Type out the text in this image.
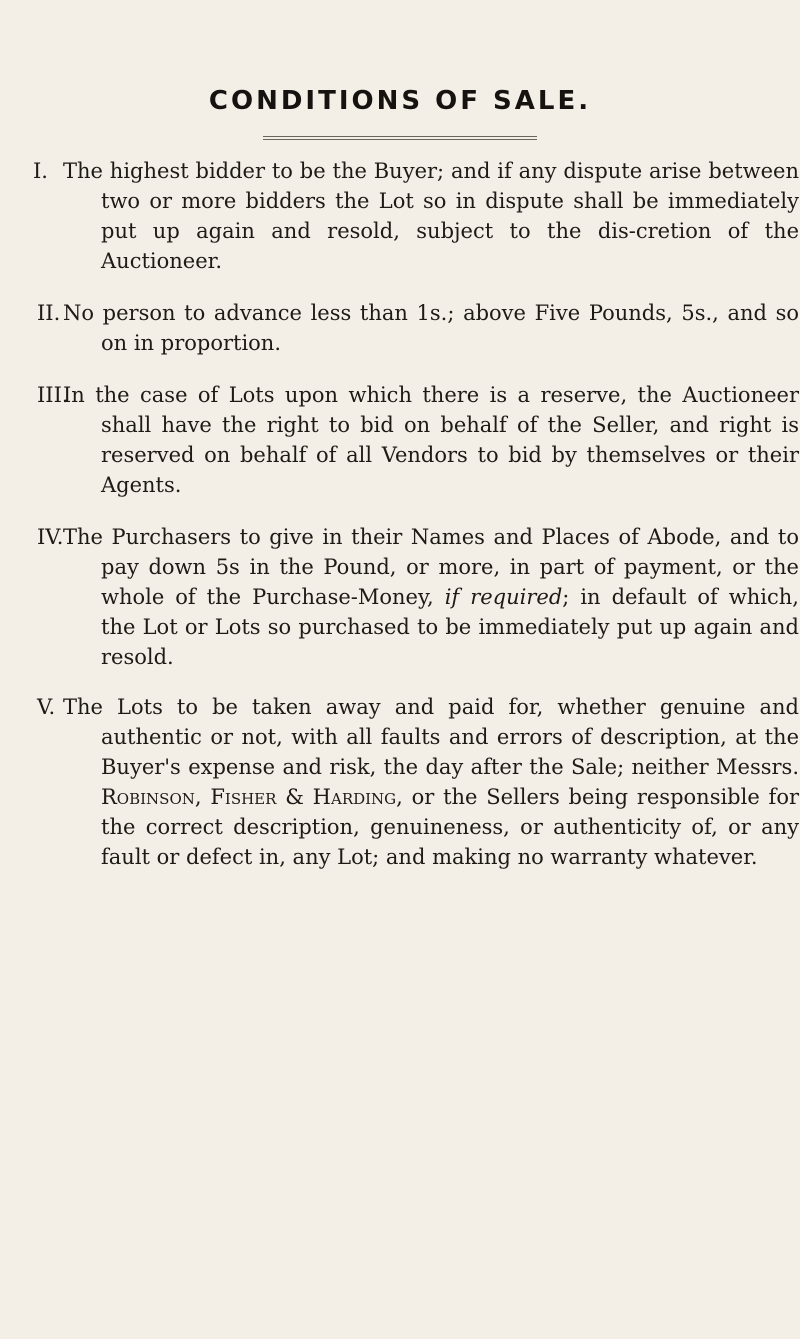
CONDITIONS OF SALE.
I. The highest bidder to be the Buyer; and if any dispute arise between two or more bidders the Lot so in dispute shall be immediately put up again and resold, subject to the dis-cretion of the Auctioneer.
II. No person to advance less than 1s.; above Five Pounds, 5s., and so on in proportion.
III.
In the case of Lots upon which there is a reserve, the Auctioneer shall have the right to bid on behalf of the Seller, and right is reserved on behalf of all Vendors to bid by themselves or their Agents.
IV. The Purchasers to give in their Names and Places of Abode, and to pay down 5s in the Pound, or more, in part of payment, or the whole of the Purchase-Money, if required; in default of which, the Lot or Lots so purchased to be immediately put up again and resold.
V. The Lots to be taken away and paid for, whether genuine and authentic or not, with all faults and errors of description, at the Buyer's expense and risk, the day after the Sale; neither Messrs. Robinson, Fisher & Harding, or the Sellers being responsible for the correct description, genuineness, or authenticity of, or any fault or defect in, any Lot; and making no warranty whatever.
